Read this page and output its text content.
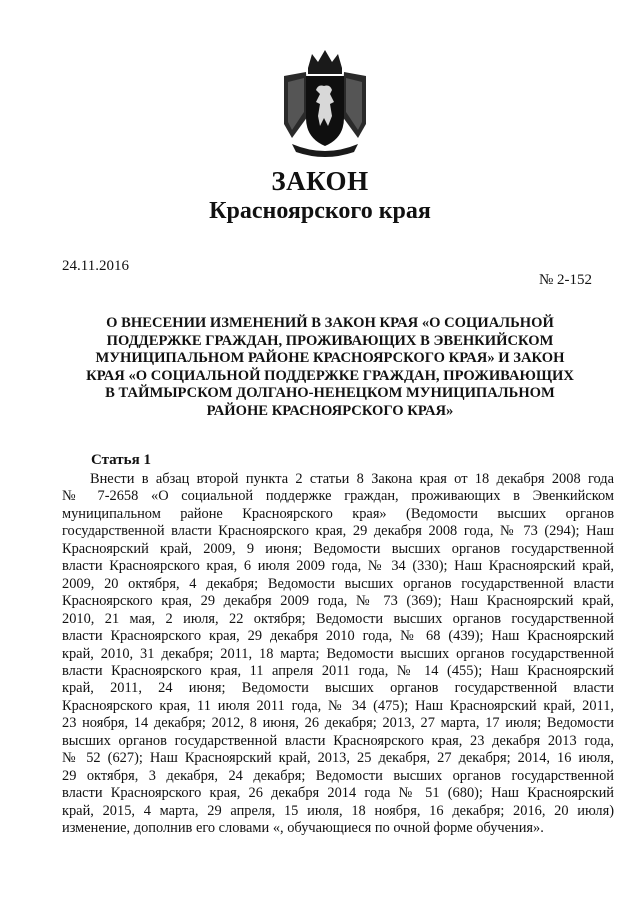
ЗАКОН
Красноярского края
24.11.2016
№ 2-152
О ВНЕСЕНИИ ИЗМЕНЕНИЙ В ЗАКОН КРАЯ «О СОЦИАЛЬНОЙ
ПОДДЕРЖКЕ ГРАЖДАН, ПРОЖИВАЮЩИХ В ЭВЕНКИЙСКОМ
МУНИЦИПАЛЬНОМ РАЙОНЕ КРАСНОЯРСКОГО КРАЯ» И ЗАКОН
КРАЯ «О СОЦИАЛЬНОЙ ПОДДЕРЖКЕ ГРАЖДАН, ПРОЖИВАЮЩИХ
В ТАЙМЫРСКОМ ДОЛГАНО-НЕНЕЦКОМ МУНИЦИПАЛЬНОМ
РАЙОНЕ КРАСНОЯРСКОГО КРАЯ»
Статья 1
Внести в абзац второй пункта 2 статьи 8 Закона края от 18 декабря 2008 года
№ 7-2658 «О социальной поддержке граждан, проживающих в Эвенкийском
муниципальном районе Красноярского края» (Ведомости высших органов
государственной власти Красноярского края, 29 декабря 2008 года, № 73 (294); Наш
Красноярский край, 2009, 9 июня; Ведомости высших органов государственной
власти Красноярского края, 6 июля 2009 года, № 34 (330); Наш Красноярский край,
2009, 20 октября, 4 декабря; Ведомости высших органов государственной власти
Красноярского края, 29 декабря 2009 года, № 73 (369); Наш Красноярский край,
2010, 21 мая, 2 июля, 22 октября; Ведомости высших органов государственной
власти Красноярского края, 29 декабря 2010 года, № 68 (439); Наш Красноярский
край, 2010, 31 декабря; 2011, 18 марта; Ведомости высших органов государственной
власти Красноярского края, 11 апреля 2011 года, № 14 (455); Наш Красноярский
край, 2011, 24 июня; Ведомости высших органов государственной власти
Красноярского края, 11 июля 2011 года, № 34 (475); Наш Красноярский край, 2011,
23 ноября, 14 декабря; 2012, 8 июня, 26 декабря; 2013, 27 марта, 17 июля; Ведомости
высших органов государственной власти Красноярского края, 23 декабря 2013 года,
№ 52 (627); Наш Красноярский край, 2013, 25 декабря, 27 декабря; 2014, 16 июля,
29 октября, 3 декабря, 24 декабря; Ведомости высших органов государственной
власти Красноярского края, 26 декабря 2014 года № 51 (680); Наш Красноярский
край, 2015, 4 марта, 29 апреля, 15 июля, 18 ноября, 16 декабря; 2016, 20 июля)
изменение, дополнив его словами «, обучающиеся по очной форме обучения».
